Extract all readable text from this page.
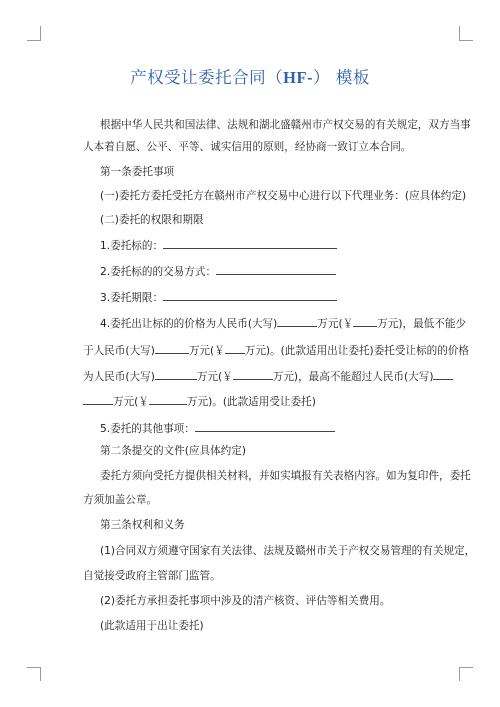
产权受让委托合同（HF-） 模板
根据中华人民共和国法律、法规和湖北盛赣州市产权交易的有关规定，双方当事
人本着自愿、公平、平等、诚实信用的原则，经协商一致订立本合同。
第一条委托事项
(一)委托方委托受托方在赣州市产权交易中心进行以下代理业务：(应具体约定)
(二)委托的权限和期限
1.委托标的：
2.委托标的的交易方式：
3.委托期限：
4.委托出让标的的价格为人民币(大写)	万元(￥ 万元)，最低不能少
于人民币(大写)	万元(￥ 万元)。(此款适用出让委托)委托受让标的的价格
为人民币(大写)	万元(￥	万元)，最高不能超过人民币(大写)
万元(￥	万元)。(此款适用受让委托)
5.委托的其他事项：
第二条提交的文件(应具体约定)
委托方须向受托方提供相关材料，并如实填报有关表格内容。如为复印件，委托
方须加盖公章。
第三条权利和义务
(1)合同双方须遵守国家有关法律、法规及赣州市关于产权交易管理的有关规定，
自觉接受政府主管部门监管。
(2)委托方承担委托事项中涉及的清产核资、评估等相关费用。
(此款适用于出让委托)
